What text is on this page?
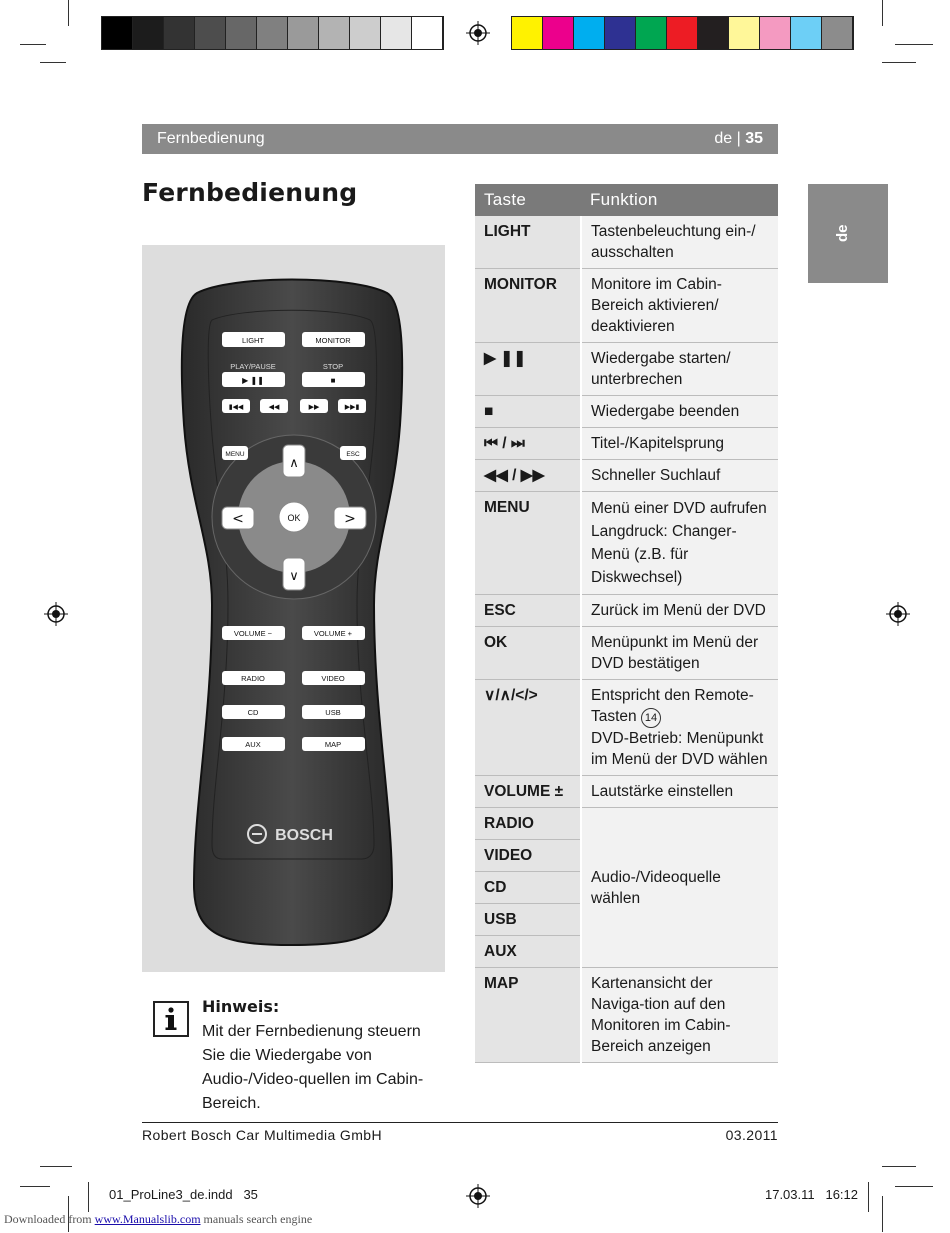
Fernbedienung	de | 35
de
Fernbedienung
∧
∨
<	>
LIGHT	MONITOR
PLAY/PAUSE	STOP
▶ ❚❚	■
▮◀◀	◀◀	▶▶	▶▶▮
MENU	ESC
OK
VOLUME −	VOLUME +
RADIO	VIDEO
CD	USB
AUX	MAP
BOSCH
Taste	Funktion
LIGHT	Tastenbeleuchtung ein-/ ausschalten
MONITOR	Monitore im Cabin-Bereich aktivieren/ deaktivieren
▶ ❚❚	Wiedergabe starten/ unterbrechen
■	Wiedergabe beenden
⏮ / ⏭	Titel-/Kapitelsprung
◀◀ / ▶▶	Schneller Suchlauf
MENU	Menü einer DVD aufrufen
Langdruck: Changer-Menü (z.B. für Diskwechsel)

ESC	Zurück im Menü der DVD
OK	Menüpunkt im Menü der DVD bestätigen
∨/∧/</>	Entspricht den Remote-Tasten 14
DVD-Betrieb: Menüpunkt im Menü der DVD wählen

VOLUME ±	Lautstärke einstellen
RADIO	Audio-/Videoquelle wählen
VIDEO	
CD	
USB	
AUX	
MAP	Kartenansicht der Naviga-tion auf den Monitoren im Cabin-Bereich anzeigen
Hinweis:
Mit der Fernbedienung steuern Sie die Wiedergabe von Audio-/Video-quellen im Cabin-Bereich.
Robert Bosch Car Multimedia GmbH	03.2011
01_ProLine3_de.indd   35	17.03.11   16:12
Downloaded from www.Manualslib.com manuals search engine
